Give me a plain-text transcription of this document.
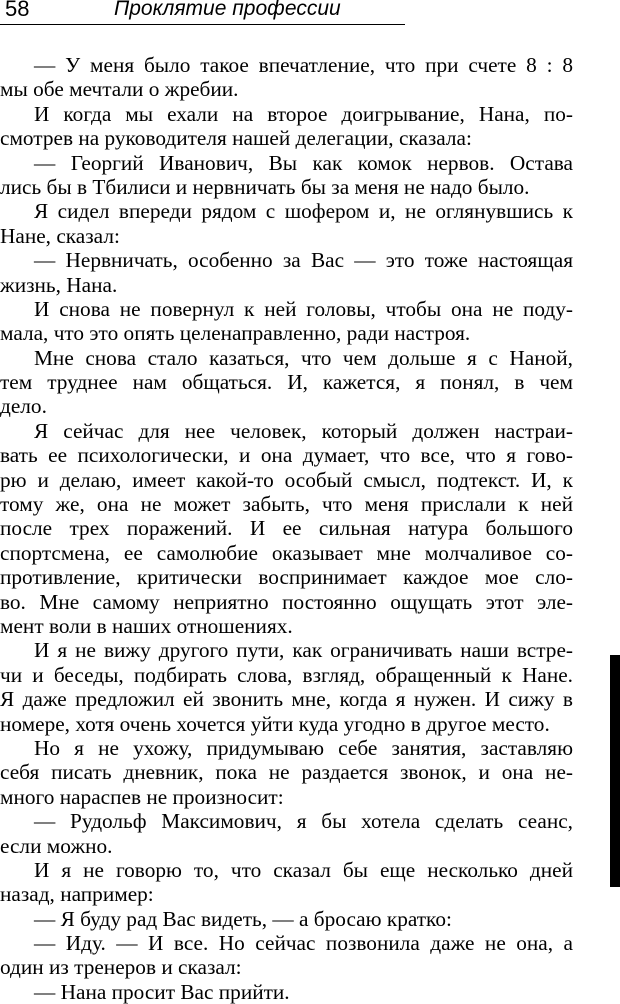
58	Проклятие профессии
— У меня было такое впечатление, что при счете 8 : 8
мы обе мечтали о жребии.
И когда мы ехали на второе доигрывание, Нана, по-
смотрев на руководителя нашей делегации, сказала:
— Георгий Иванович, Вы как комок нервов. Остава
лись бы в Тбилиси и нервничать бы за меня не надо было.
Я сидел впереди рядом с шофером и, не оглянувшись к
Нане, сказал:
— Нервничать, особенно за Вас — это тоже настоящая
жизнь, Нана.
И снова не повернул к ней головы, чтобы она не поду-
мала, что это опять целенаправленно, ради настроя.
Мне снова стало казаться, что чем дольше я с Наной,
тем труднее нам общаться. И, кажется, я понял, в чем
дело.
Я сейчас для нее человек, который должен настраи-
вать ее психологически, и она думает, что все, что я гово-
рю и делаю, имеет какой-то особый смысл, подтекст. И, к
тому же, она не может забыть, что меня прислали к ней
после трех поражений. И ее сильная натура большого
спортсмена, ее самолюбие оказывает мне молчаливое со-
противление, критически воспринимает каждое мое сло-
во. Мне самому неприятно постоянно ощущать этот эле-
мент воли в наших отношениях.
И я не вижу другого пути, как ограничивать наши встре-
чи и беседы, подбирать слова, взгляд, обращенный к Нане.
Я даже предложил ей звонить мне, когда я нужен. И сижу в
номере, хотя очень хочется уйти куда угодно в другое место.
Но я не ухожу, придумываю себе занятия, заставляю
себя писать дневник, пока не раздается звонок, и она не-
много нараспев не произносит:
— Рудольф Максимович, я бы хотела сделать сеанс,
если можно.
И я не говорю то, что сказал бы еще несколько дней
назад, например:
— Я буду рад Вас видеть, — а бросаю кратко:
— Иду. — И все. Но сейчас позвонила даже не она, а
один из тренеров и сказал:
— Нана просит Вас прийти.
